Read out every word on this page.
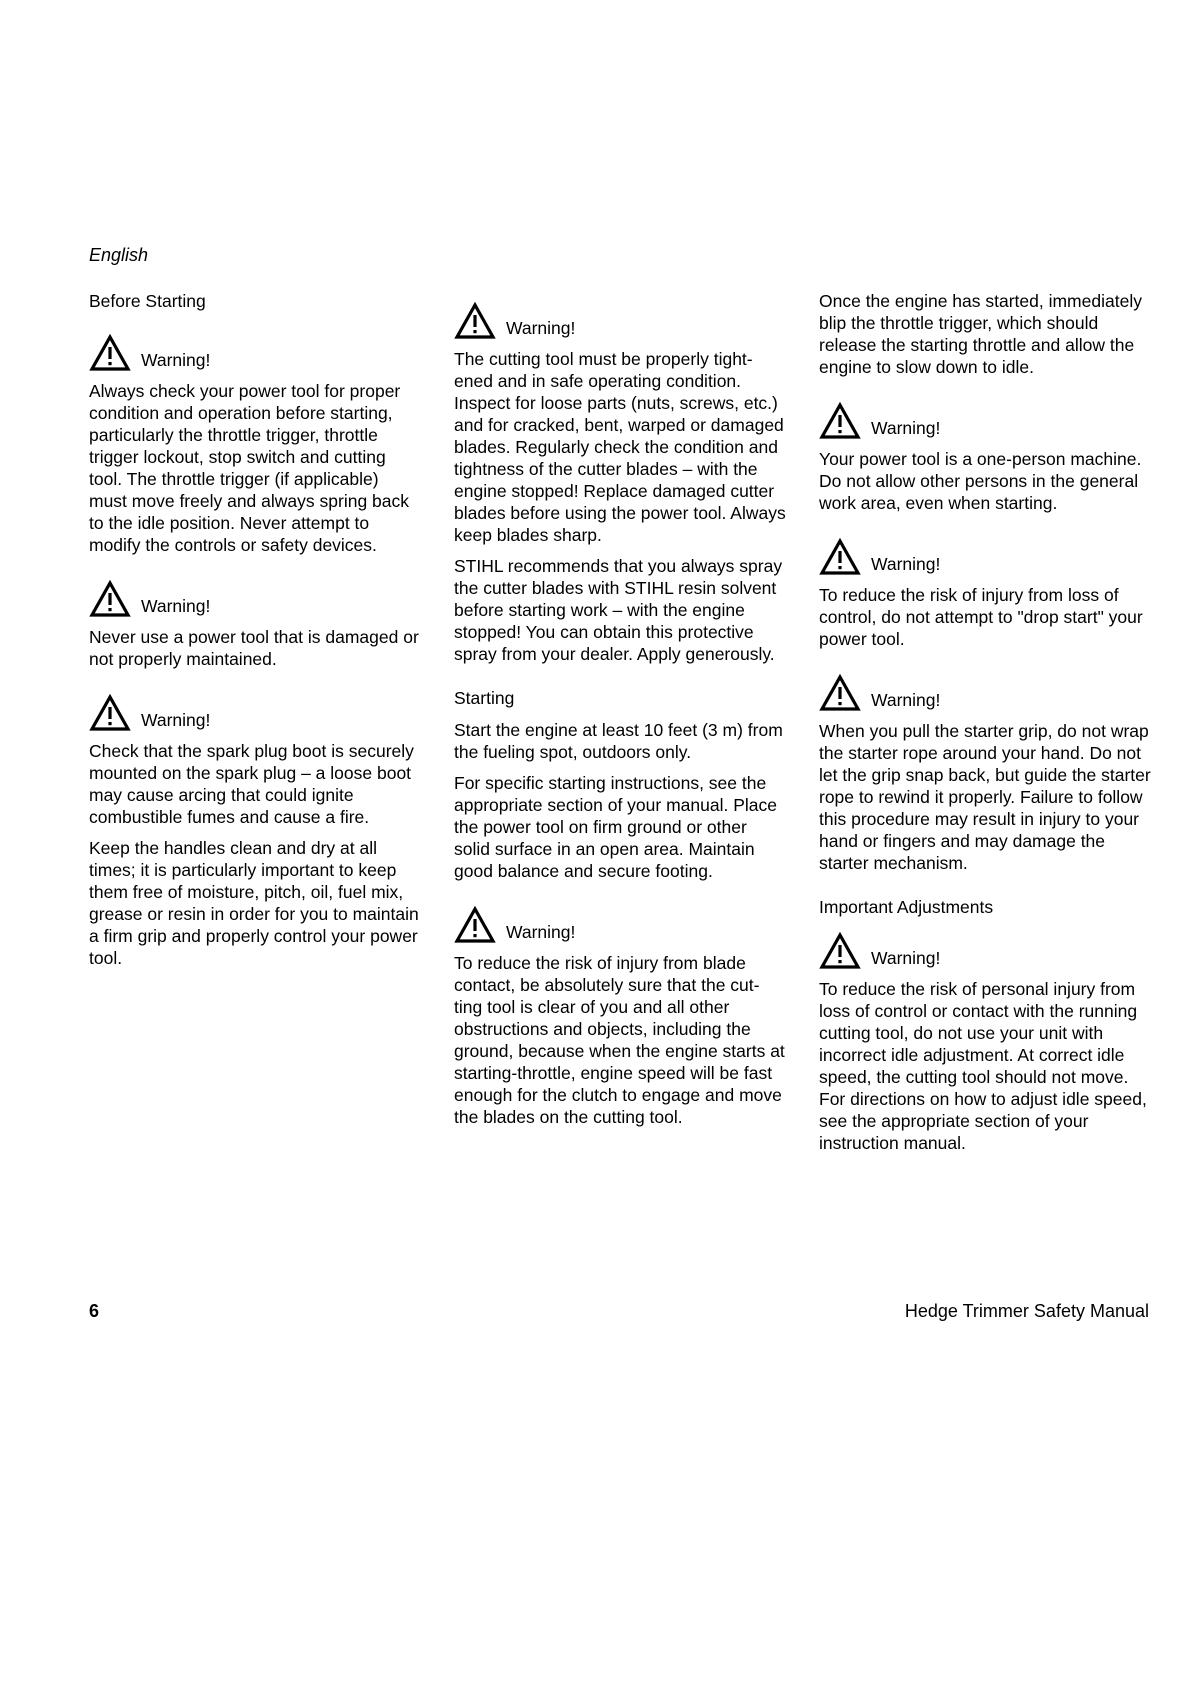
English
Before Starting
Warning!

Always check your power tool for proper condition and operation before starting, particularly the throttle trigger, throttle trigger lockout, stop switch and cutting tool. The throttle trigger (if applicable) must move freely and always spring back to the idle position. Never attempt to modify the controls or safety devices.

Warning!

Never use a power tool that is damaged or not properly maintained.

Warning!

Check that the spark plug boot is securely mounted on the spark plug – a loose boot may cause arcing that could ignite combustible fumes and cause a fire.

Keep the handles clean and dry at all times; it is particularly important to keep them free of moisture, pitch, oil, fuel mix, grease or resin in order for you to maintain a firm grip and properly control your power tool.

Warning!

The cutting tool must be properly tight-ened and in safe operating condition. Inspect for loose parts (nuts, screws, etc.) and for cracked, bent, warped or damaged blades. Regularly check the condition and tightness of the cutter blades – with the engine stopped! Replace damaged cutter blades before using the power tool. Always keep blades sharp.

STIHL recommends that you always spray the cutter blades with STIHL resin solvent before starting work – with the engine stopped! You can obtain this protective spray from your dealer. Apply generously.

Starting

Start the engine at least 10 feet (3 m) from the fueling spot, outdoors only.

For specific starting instructions, see the appropriate section of your manual. Place the power tool on firm ground or other solid surface in an open area. Maintain good balance and secure footing.

Warning!

To reduce the risk of injury from blade contact, be absolutely sure that the cut-ting tool is clear of you and all other obstructions and objects, including the ground, because when the engine starts at starting-throttle, engine speed will be fast enough for the clutch to engage and move the blades on the cutting tool.

Once the engine has started, immediately blip the throttle trigger, which should release the starting throttle and allow the engine to slow down to idle.

Warning!

Your power tool is a one-person machine. Do not allow other persons in the general work area, even when starting.

Warning!

To reduce the risk of injury from loss of control, do not attempt to "drop start" your power tool.

Warning!

When you pull the starter grip, do not wrap the starter rope around your hand. Do not let the grip snap back, but guide the starter rope to rewind it properly. Failure to follow this procedure may result in injury to your hand or fingers and may damage the starter mechanism.

Important Adjustments
Warning!

To reduce the risk of personal injury from loss of control or contact with the running cutting tool, do not use your unit with incorrect idle adjustment. At correct idle speed, the cutting tool should not move. For directions on how to adjust idle speed, see the appropriate section of your instruction manual.

6	Hedge Trimmer Safety Manual
